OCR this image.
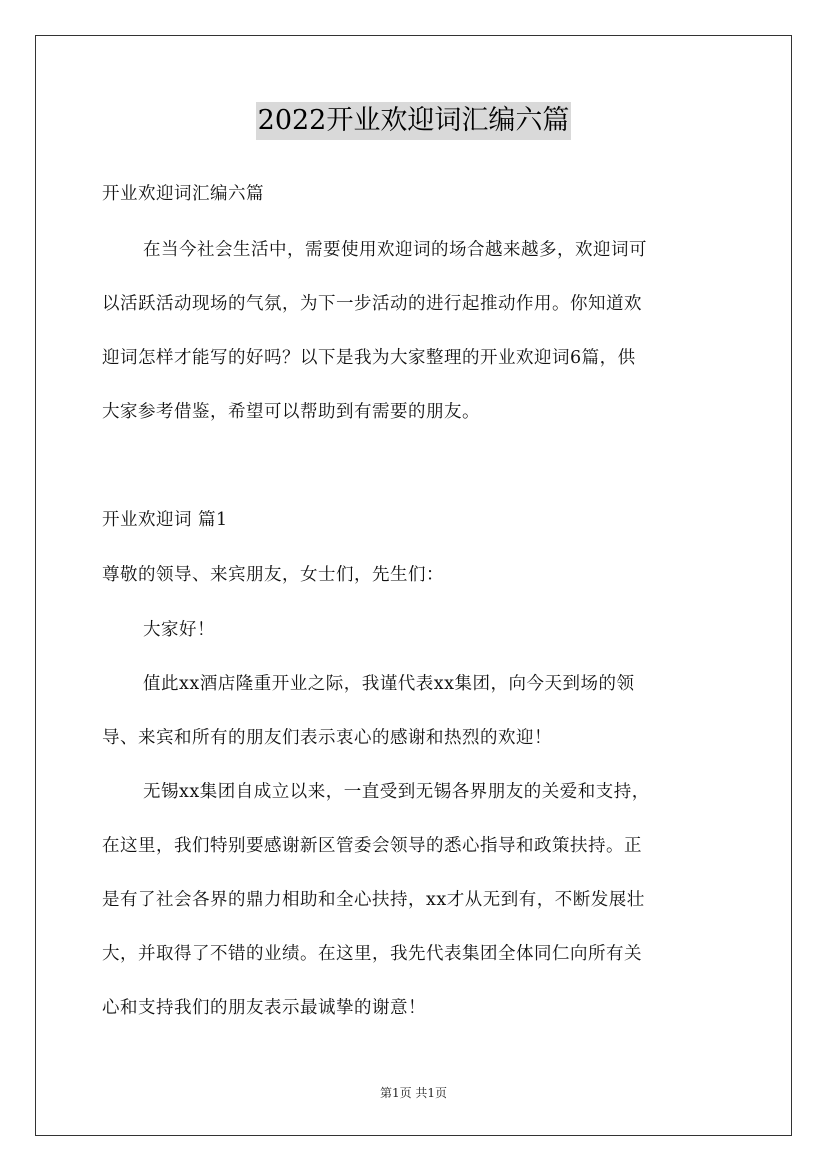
2022开业欢迎词汇编六篇
开业欢迎词汇编六篇
在当今社会生活中，需要使用欢迎词的场合越来越多，欢迎词可
以活跃活动现场的气氛，为下一步活动的进行起推动作用。你知道欢
迎词怎样才能写的好吗？以下是我为大家整理的开业欢迎词6篇，供
大家参考借鉴，希望可以帮助到有需要的朋友。
开业欢迎词 篇1
尊敬的领导、来宾朋友，女士们，先生们：
大家好！
值此xx酒店隆重开业之际，我谨代表xx集团，向今天到场的领
导、来宾和所有的朋友们表示衷心的感谢和热烈的欢迎！
无锡xx集团自成立以来，一直受到无锡各界朋友的关爱和支持，
在这里，我们特别要感谢新区管委会领导的悉心指导和政策扶持。正
是有了社会各界的鼎力相助和全心扶持，xx才从无到有，不断发展壮
大，并取得了不错的业绩。在这里，我先代表集团全体同仁向所有关
心和支持我们的朋友表示最诚挚的谢意！
第1页 共1页
